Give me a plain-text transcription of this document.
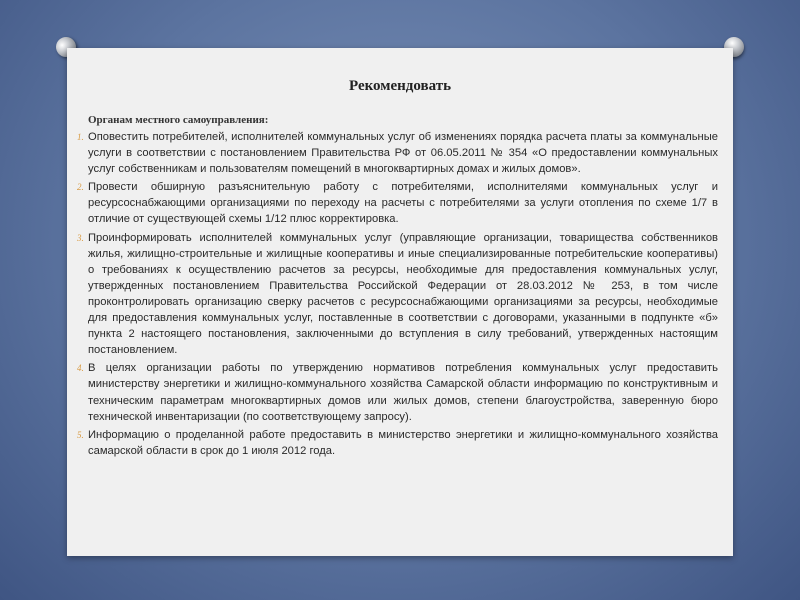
Рекомендовать
Органам местного самоуправления:
1. Оповестить потребителей, исполнителей коммунальных услуг об изменениях порядка расчета платы за коммунальные услуги в соответствии с постановлением Правительства РФ от 06.05.2011 № 354 «О предоставлении коммунальных услуг собственникам и пользователям помещений в многоквартирных домах и жилых домов».
2. Провести обширную разъяснительную работу с потребителями, исполнителями коммунальных услуг и ресурсоснабжающими организациями по переходу на расчеты с потребителями за услуги отопления по схеме 1/7 в отличие от существующей схемы 1/12 плюс корректировка.
3. Проинформировать исполнителей коммунальных услуг (управляющие организации, товарищества собственников жилья, жилищно-строительные и жилищные кооперативы и иные специализированные потребительские кооперативы) о требованиях к осуществлению расчетов за ресурсы, необходимые для предоставления коммунальных услуг, утвержденных постановлением Правительства Российской Федерации от 28.03.2012 № 253, в том числе проконтролировать организацию сверку расчетов с ресурсоснабжающими организациями за ресурсы, необходимые для предоставления коммунальных услуг, поставленные в соответствии с договорами, указанными в подпункте «б» пункта 2 настоящего постановления, заключенными до вступления в силу требований, утвержденных настоящим постановлением.
4. В целях организации работы по утверждению нормативов потребления коммунальных услуг предоставить министерству энергетики и жилищно-коммунального хозяйства Самарской области информацию по конструктивным и техническим параметрам многоквартирных домов или жилых домов, степени благоустройства, заверенную бюро технической инвентаризации (по соответствующему запросу).
5. Информацию о проделанной работе предоставить в министерство энергетики и жилищно-коммунального хозяйства самарской области в срок до 1 июля 2012 года.
